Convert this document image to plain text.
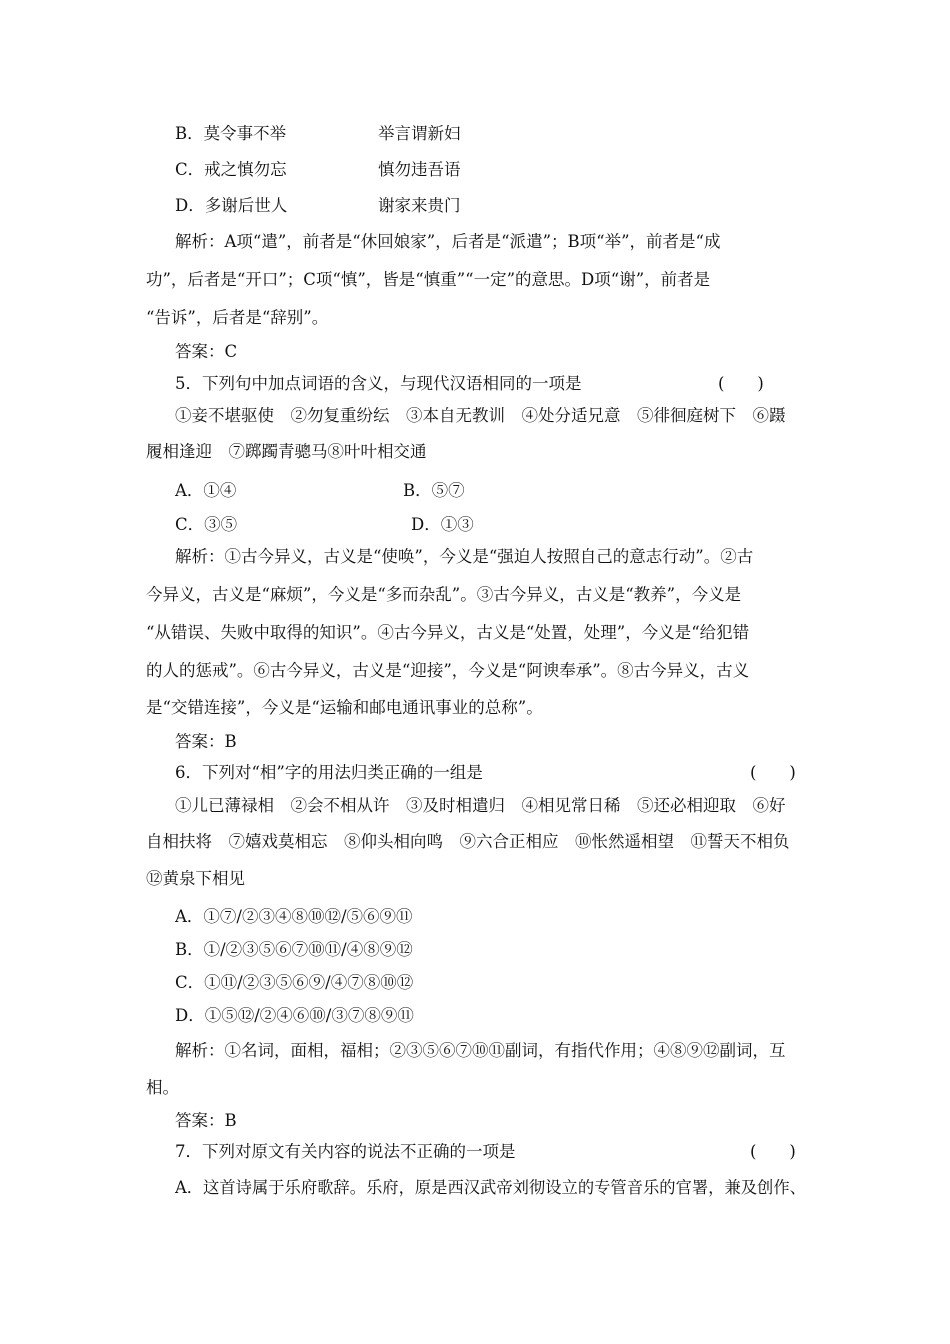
B．莫令事不举	举言谓新妇
C．戒之慎勿忘	慎勿违吾语
D．多谢后世人	谢家来贵门
解析：A项“遣”，前者是“休回娘家”，后者是“派遣”；B项“举”，前者是“成
功”，后者是“开口”；C项“慎”，皆是“慎重”“一定”的意思。D项“谢”，前者是
“告诉”，后者是“辞别”。
答案：C
5．下列句中加点词语的含义，与现代汉语相同的一项是	(　　)
①妾不堪驱使　②勿复重纷纭　③本自无教训　④处分适兄意　⑤徘徊庭树下　⑥蹑
履相逢迎　⑦踯躅青骢马⑧叶叶相交通
A．①④	B．⑤⑦
C．③⑤	D．①③
解析：①古今异义，古义是“使唤”，今义是“强迫人按照自己的意志行动”。②古
今异义，古义是“麻烦”，今义是“多而杂乱”。③古今异义，古义是“教养”，今义是
“从错误、失败中取得的知识”。④古今异义，古义是“处置，处理”，今义是“给犯错
的人的惩戒”。⑥古今异义，古义是“迎接”，今义是“阿谀奉承”。⑧古今异义，古义
是“交错连接”，今义是“运输和邮电通讯事业的总称”。
答案：B
6．下列对“相”字的用法归类正确的一组是	(　　)
①儿已薄禄相　②会不相从许　③及时相遣归　④相见常日稀　⑤还必相迎取　⑥好
自相扶将　⑦嬉戏莫相忘　⑧仰头相向鸣　⑨六合正相应　⑩怅然遥相望　⑪誓天不相负
⑫黄泉下相见
A．①⑦/②③④⑧⑩⑫/⑤⑥⑨⑪
B．①/②③⑤⑥⑦⑩⑪/④⑧⑨⑫
C．①⑪/②③⑤⑥⑨/④⑦⑧⑩⑫
D．①⑤⑫/②④⑥⑩/③⑦⑧⑨⑪
解析：①名词，面相，福相；②③⑤⑥⑦⑩⑪副词，有指代作用；④⑧⑨⑫副词，互
相。
答案：B
7．下列对原文有关内容的说法不正确的一项是	(　　)
A．这首诗属于乐府歌辞。乐府，原是西汉武帝刘彻设立的专管音乐的官署，兼及创作、
